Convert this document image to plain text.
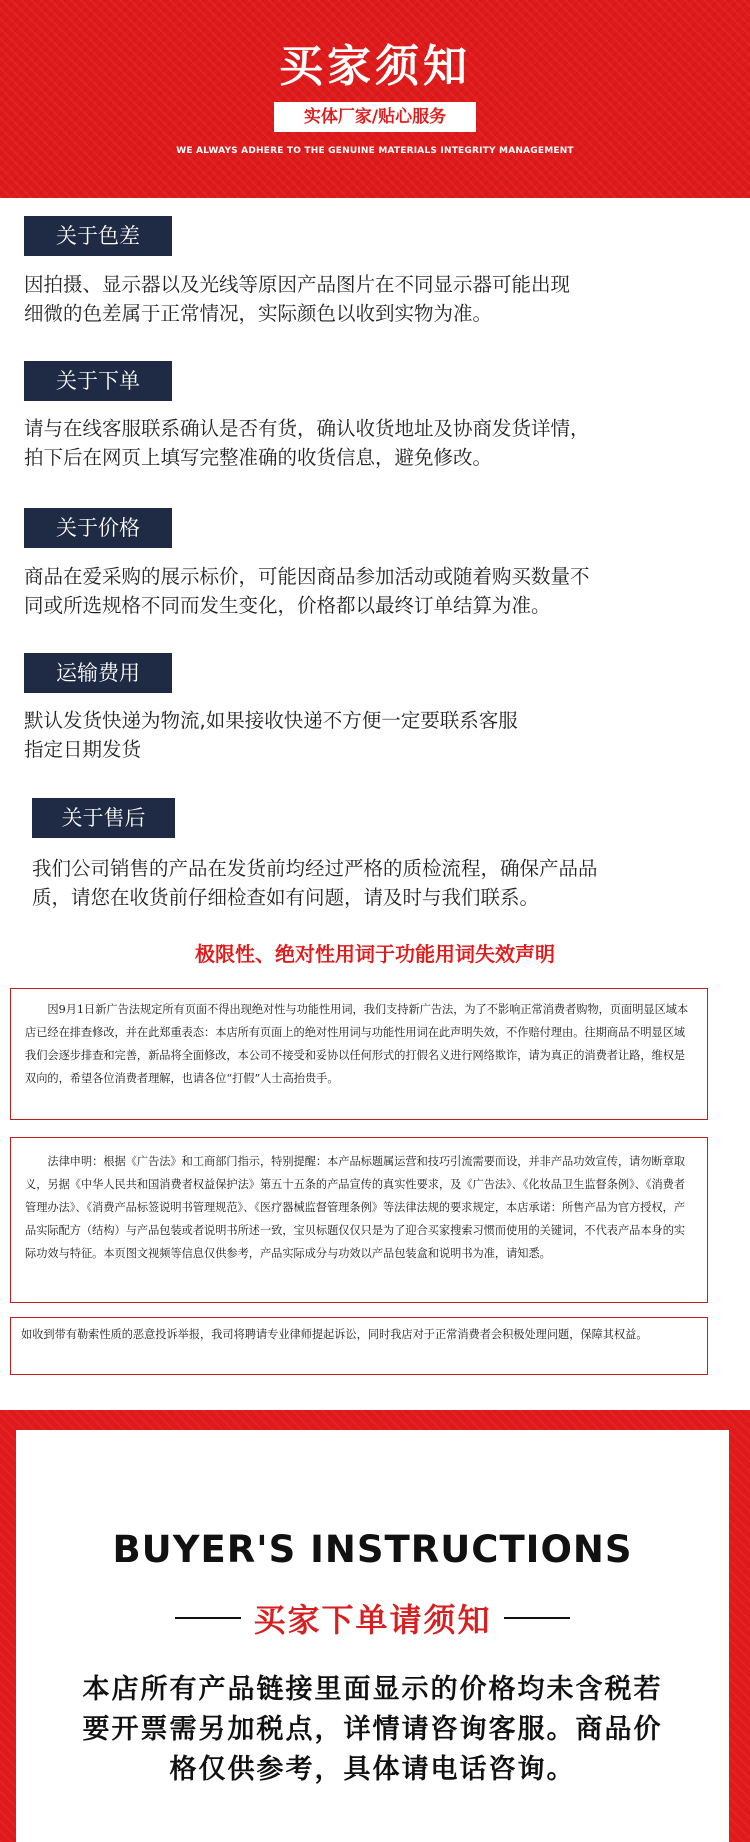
买家须知
实体厂家/贴心服务
WE ALWAYS ADHERE TO THE GENUINE MATERIALS INTEGRITY MANAGEMENT
关于色差
因拍摄、显示器以及光线等原因产品图片在不同显示器可能出现
细微的色差属于正常情况，实际颜色以收到实物为准。
关于下单
请与在线客服联系确认是否有货，确认收货地址及协商发货详情，
拍下后在网页上填写完整准确的收货信息，避免修改。
关于价格
商品在爱采购的展示标价，可能因商品参加活动或随着购买数量不
同或所选规格不同而发生变化，价格都以最终订单结算为准。
运输费用
默认发货快递为物流,如果接收快递不方便一定要联系客服
指定日期发货
关于售后
我们公司销售的产品在发货前均经过严格的质检流程，确保产品品
质，请您在收货前仔细检查如有问题，请及时与我们联系。
极限性、绝对性用词于功能用词失效声明

因9月1日新广告法规定所有页面不得出现绝对性与功能性用词，我们支持新广告法，为了不影响正常消费者购物，页面明显区域本店已经在排查修改，并在此郑重表态：本店所有页面上的绝对性用词与功能性用词在此声明失效，不作赔付理由。往期商品不明显区域我们会逐步排查和完善，新品将全面修改，本公司不接受和妥协以任何形式的打假名义进行网络欺诈，请为真正的消费者让路，维权是双向的，希望各位消费者理解，也请各位“打假”人士高抬贵手。

法律申明：根据《广告法》和工商部门指示，特别提醒：本产品标题属运营和技巧引流需要而设，并非产品功效宣传，请勿断章取义，另据《中华人民共和国消费者权益保护法》第五十五条的产品宣传的真实性要求，及《广告法》、《化妆品卫生监督条例》、《消费者管理办法》、《消费产品标签说明书管理规范》、《医疗器械监督管理条例》等法律法规的要求规定，本店承诺：所售产品为官方授权，产品实际配方（结构）与产品包装或者说明书所述一致，宝贝标题仅仅只是为了迎合买家搜索习惯而使用的关键词，不代表产品本身的实际功效与特征。本页图文视频等信息仅供参考，产品实际成分与功效以产品包装盒和说明书为准，请知悉。

如收到带有勒索性质的恶意投诉举报，我司将聘请专业律师提起诉讼，同时我店对于正常消费者会积极处理问题，保障其权益。

BUYER'S INSTRUCTIONS
买家下单请须知
本店所有产品链接里面显示的价格均未含税若
要开票需另加税点，详情请咨询客服。商品价
格仅供参考，具体请电话咨询。
